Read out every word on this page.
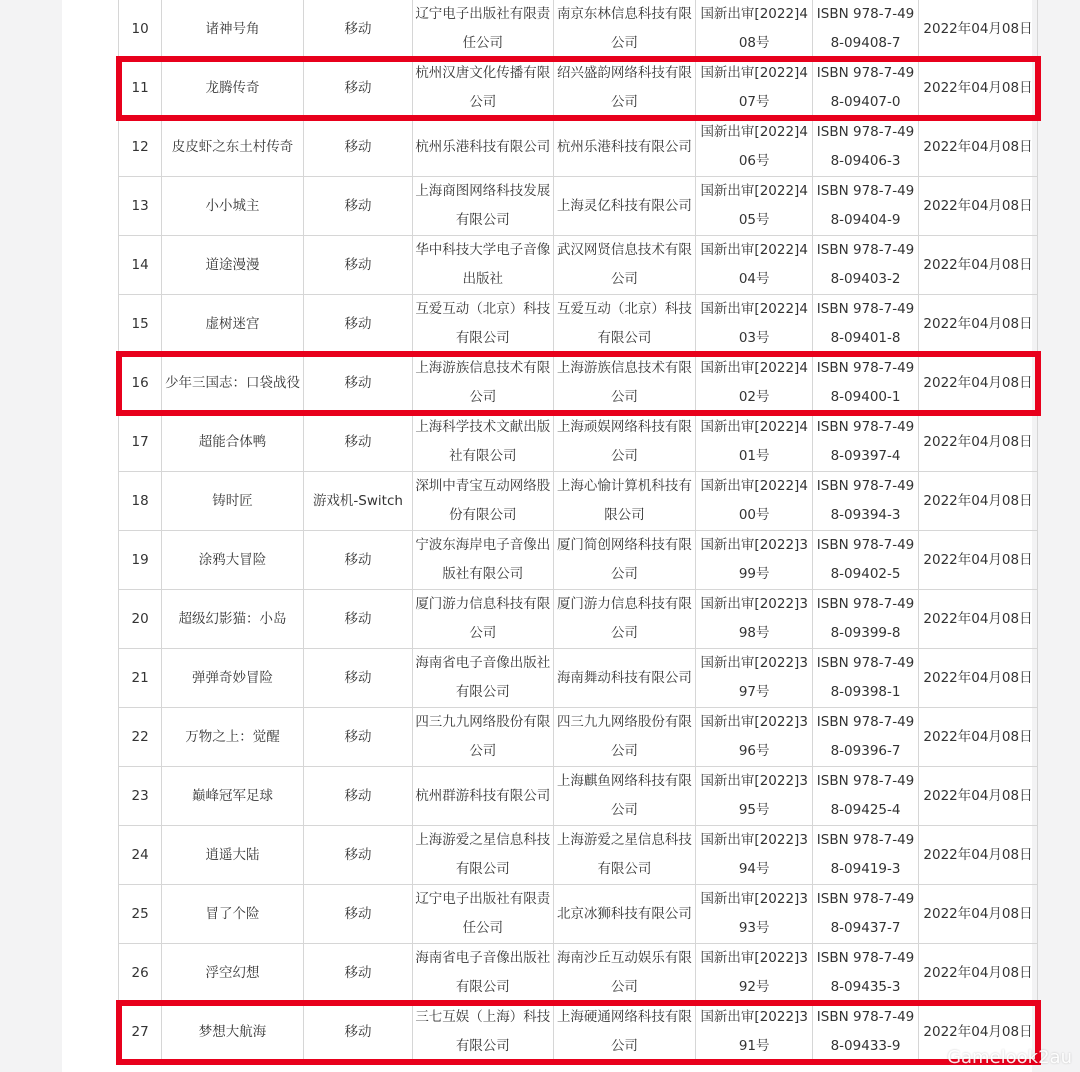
10	诸神号角	移动	辽宁电子出版社有限责任公司	南京东林信息科技有限公司	国新出审[2022]408号	ISBN 978-7-498-09408-7	2022年04月08日
11	龙腾传奇	移动	杭州汉唐文化传播有限公司	绍兴盛韵网络科技有限公司	国新出审[2022]407号	ISBN 978-7-498-09407-0	2022年04月08日
12	皮皮虾之东土村传奇	移动	杭州乐港科技有限公司	杭州乐港科技有限公司	国新出审[2022]406号	ISBN 978-7-498-09406-3	2022年04月08日
13	小小城主	移动	上海商图网络科技发展有限公司	上海灵亿科技有限公司	国新出审[2022]405号	ISBN 978-7-498-09404-9	2022年04月08日
14	道途漫漫	移动	华中科技大学电子音像出版社	武汉网贤信息技术有限公司	国新出审[2022]404号	ISBN 978-7-498-09403-2	2022年04月08日
15	虚树迷宫	移动	互爱互动（北京）科技有限公司	互爱互动（北京）科技有限公司	国新出审[2022]403号	ISBN 978-7-498-09401-8	2022年04月08日
16	少年三国志：口袋战役	移动	上海游族信息技术有限公司	上海游族信息技术有限公司	国新出审[2022]402号	ISBN 978-7-498-09400-1	2022年04月08日
17	超能合体鸭	移动	上海科学技术文献出版社有限公司	上海顽娱网络科技有限公司	国新出审[2022]401号	ISBN 978-7-498-09397-4	2022年04月08日
18	铸时匠	游戏机-Switch	深圳中青宝互动网络股份有限公司	上海心愉计算机科技有限公司	国新出审[2022]400号	ISBN 978-7-498-09394-3	2022年04月08日
19	涂鸦大冒险	移动	宁波东海岸电子音像出版社有限公司	厦门简创网络科技有限公司	国新出审[2022]399号	ISBN 978-7-498-09402-5	2022年04月08日
20	超级幻影猫：小岛	移动	厦门游力信息科技有限公司	厦门游力信息科技有限公司	国新出审[2022]398号	ISBN 978-7-498-09399-8	2022年04月08日
21	弹弹奇妙冒险	移动	海南省电子音像出版社有限公司	海南舞动科技有限公司	国新出审[2022]397号	ISBN 978-7-498-09398-1	2022年04月08日
22	万物之上：觉醒	移动	四三九九网络股份有限公司	四三九九网络股份有限公司	国新出审[2022]396号	ISBN 978-7-498-09396-7	2022年04月08日
23	巅峰冠军足球	移动	杭州群游科技有限公司	上海麒鱼网络科技有限公司	国新出审[2022]395号	ISBN 978-7-498-09425-4	2022年04月08日
24	逍遥大陆	移动	上海游爱之星信息科技有限公司	上海游爱之星信息科技有限公司	国新出审[2022]394号	ISBN 978-7-498-09419-3	2022年04月08日
25	冒了个险	移动	辽宁电子出版社有限责任公司	北京冰狮科技有限公司	国新出审[2022]393号	ISBN 978-7-498-09437-7	2022年04月08日
26	浮空幻想	移动	海南省电子音像出版社有限公司	海南沙丘互动娱乐有限公司	国新出审[2022]392号	ISBN 978-7-498-09435-3	2022年04月08日
27	梦想大航海	移动	三七互娱（上海）科技有限公司	上海硬通网络科技有限公司	国新出审[2022]391号	ISBN 978-7-498-09433-9	2022年04月08日
Gamelook2au
